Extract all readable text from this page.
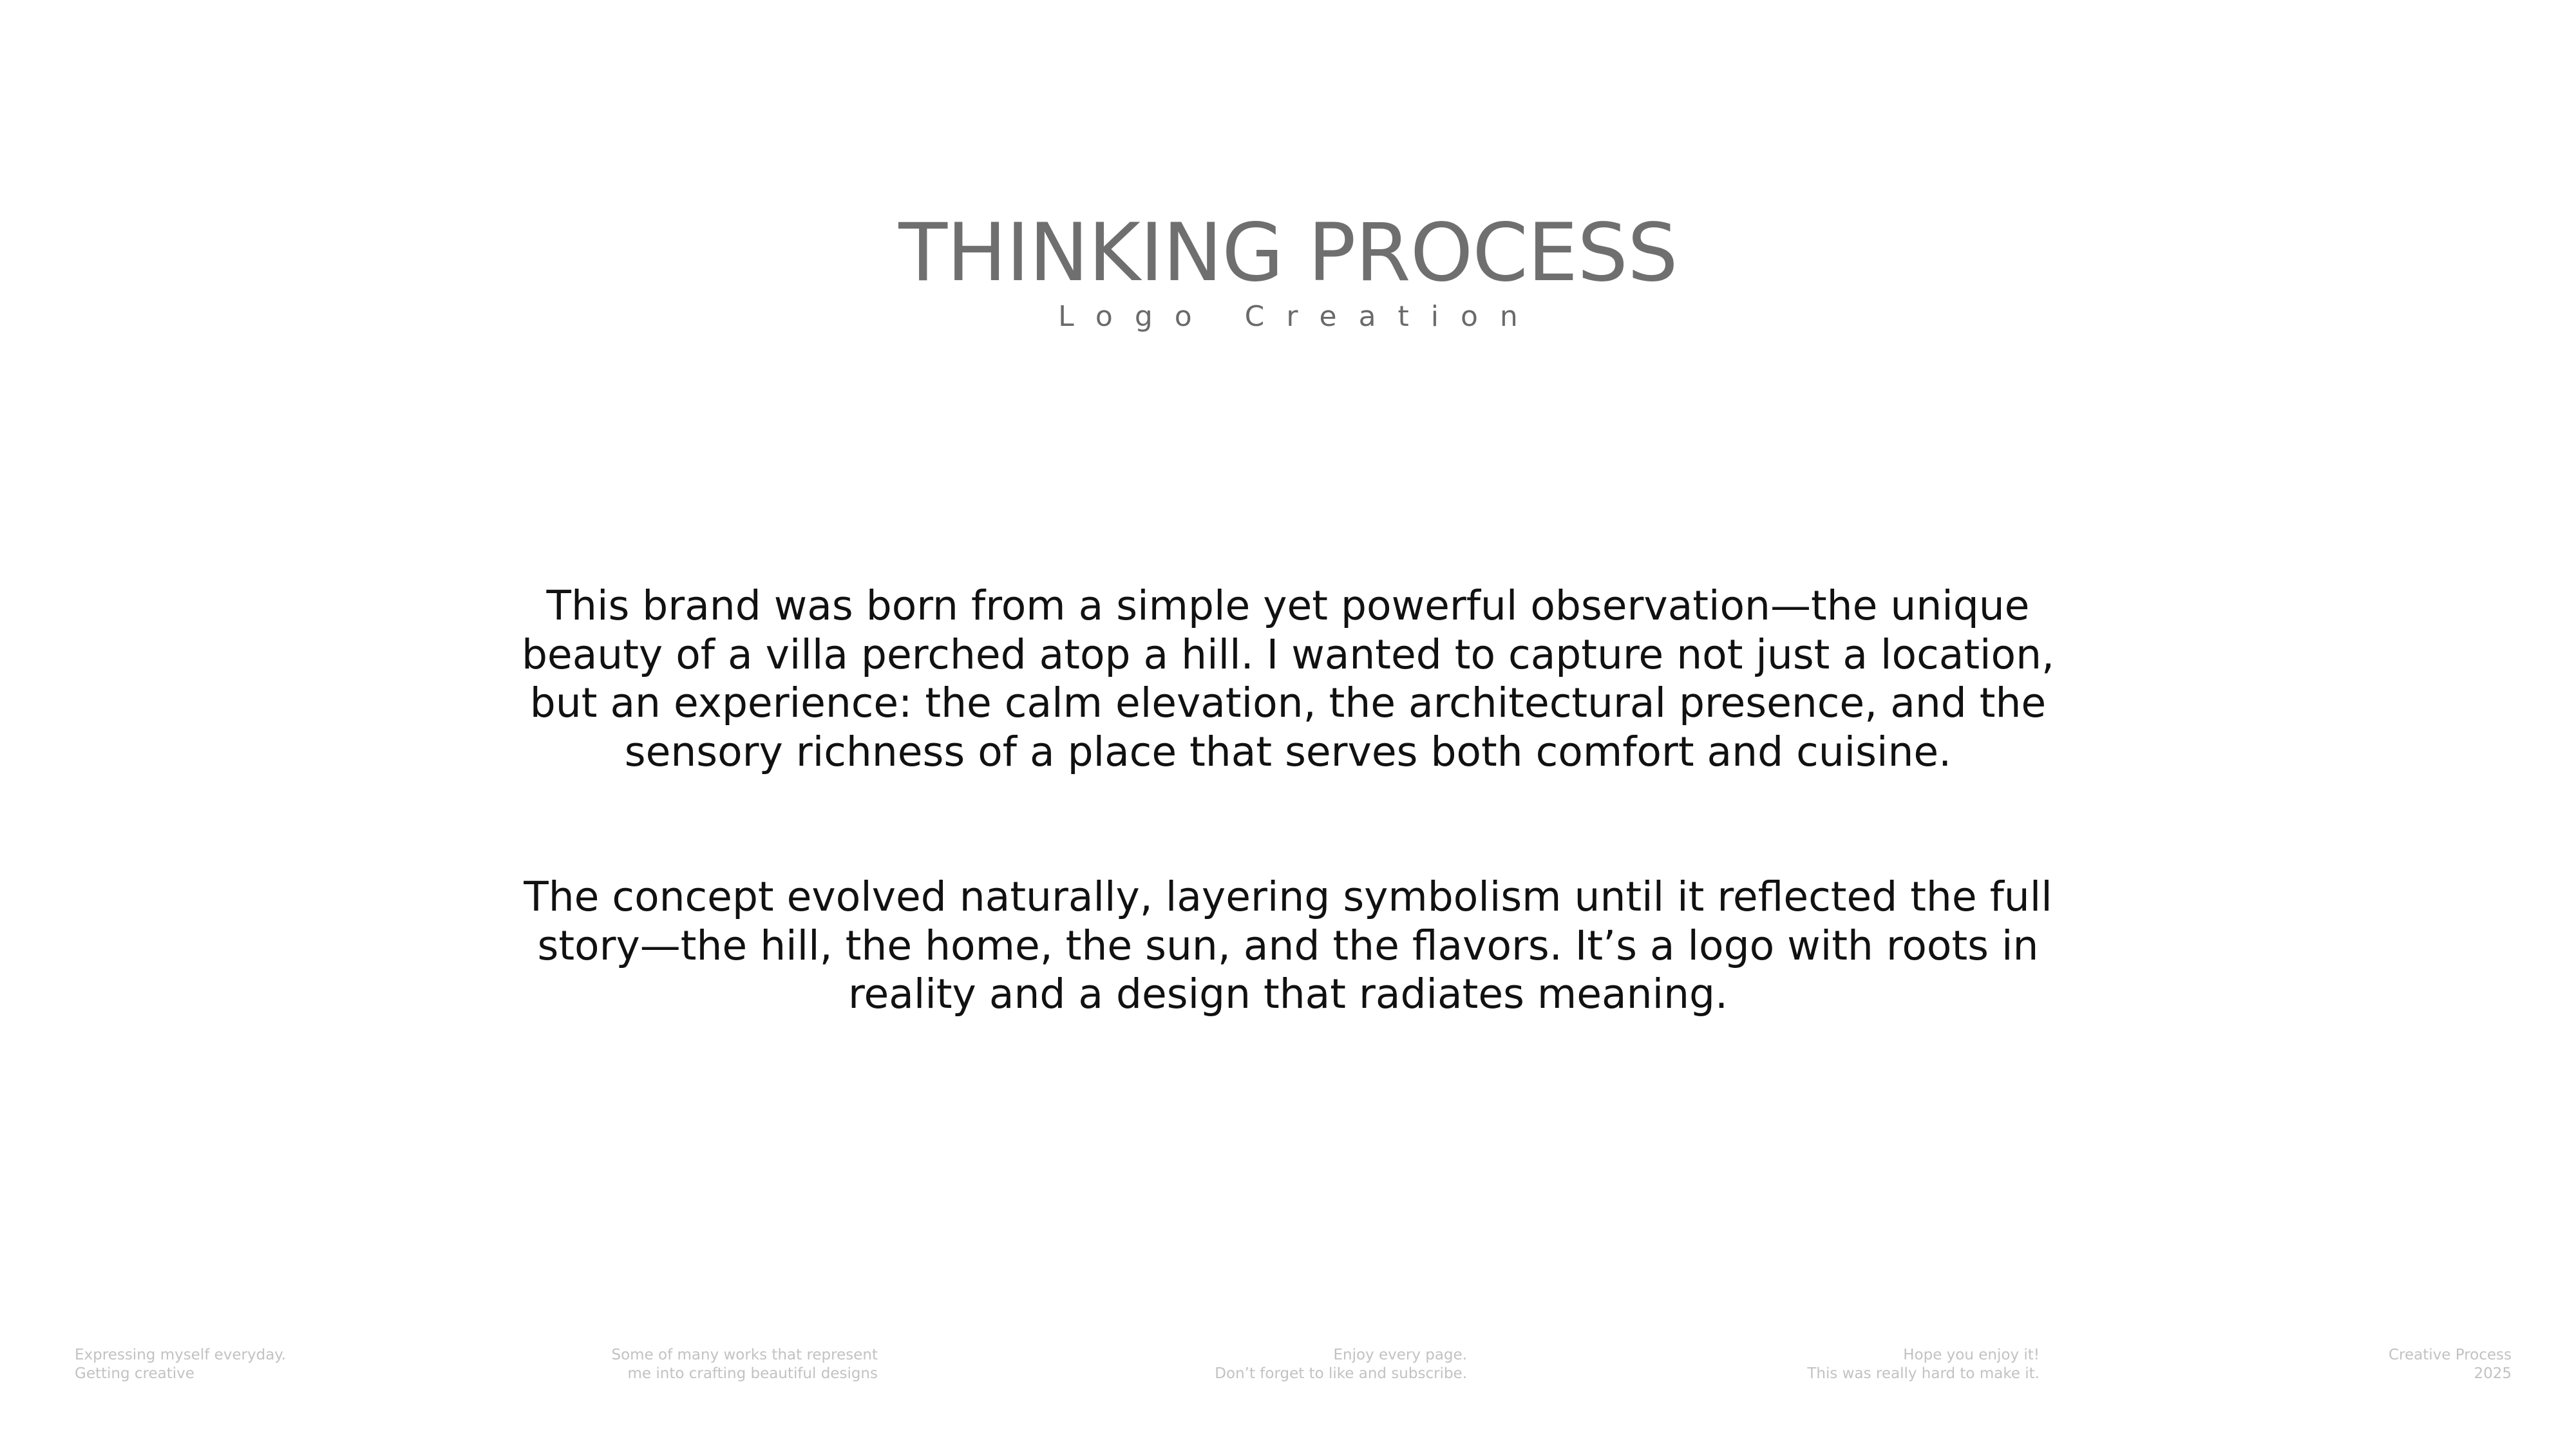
THINKING PROCESS
Logo Creation

This brand was born from a simple yet powerful observation—the unique beauty of a villa perched atop a hill. I wanted to capture not just a location, but an experience: the calm elevation, the architectural presence, and the sensory richness of a place that serves both comfort and cuisine.

The concept evolved naturally, layering symbolism until it reflected the full story—the hill, the home, the sun, and the flavors. It’s a logo with roots in reality and a design that radiates meaning.

Expressing myself everyday.
Getting creative
Some of many works that represent
me into crafting beautiful designs
Enjoy every page.
Don’t forget to like and subscribe.
Hope you enjoy it!
This was really hard to make it.
Creative Process
2025
